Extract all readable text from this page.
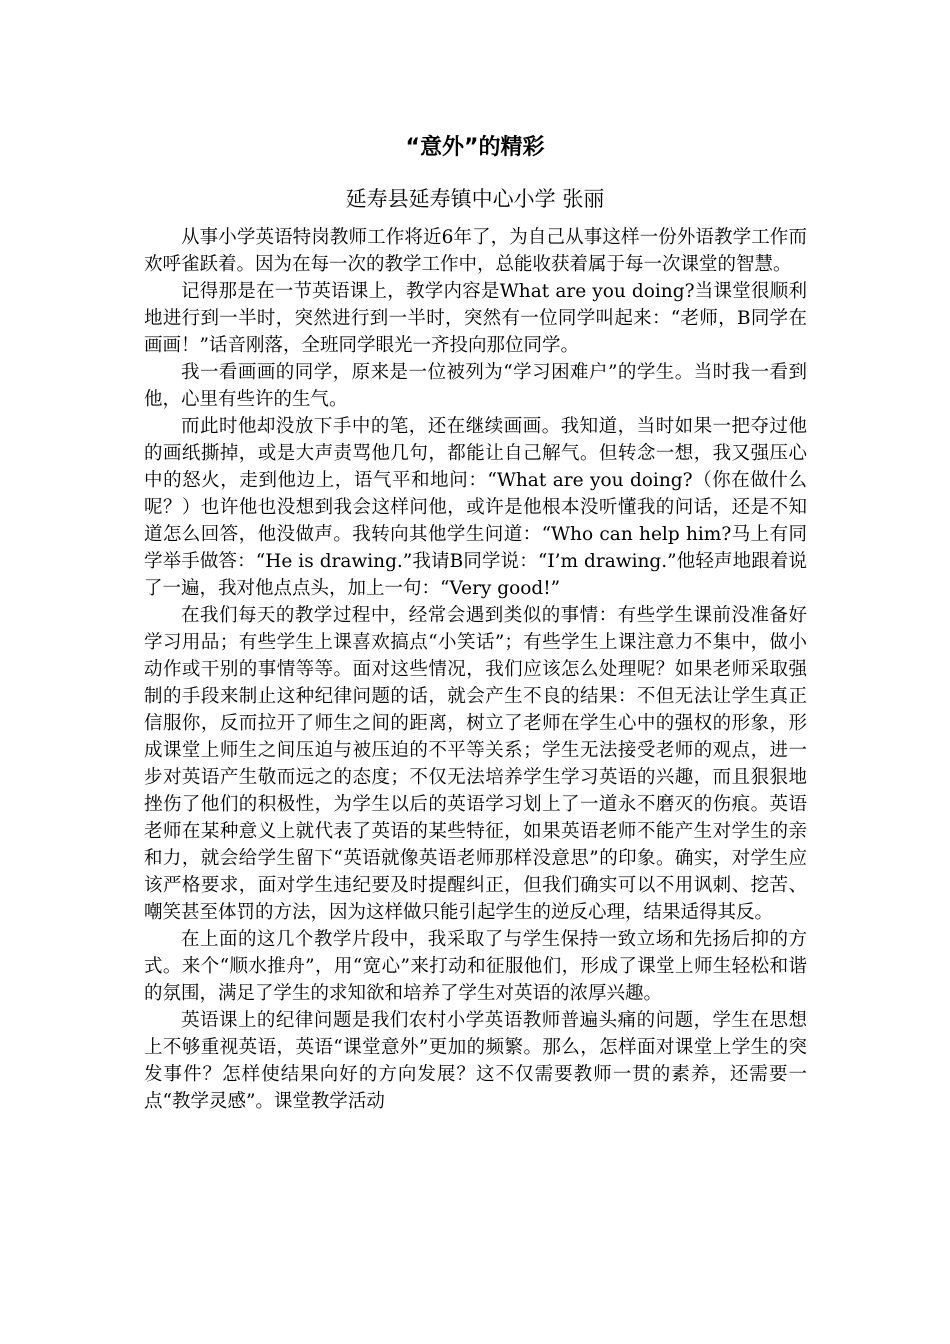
“意外”的精彩
延寿县延寿镇中心小学 张丽

从事小学英语特岗教师工作将近6年了，为自己从事这样一份外语教学工作而欢呼雀跃着。因为在每一次的教学工作中，总能收获着属于每一次课堂的智慧。

记得那是在一节英语课上，教学内容是What are you doing?当课堂很顺利地进行到一半时，突然进行到一半时，突然有一位同学叫起来：“老师，B同学在画画！”话音刚落，全班同学眼光一齐投向那位同学。

我一看画画的同学，原来是一位被列为“学习困难户”的学生。当时我一看到他，心里有些许的生气。

而此时他却没放下手中的笔，还在继续画画。我知道，当时如果一把夺过他的画纸撕掉，或是大声责骂他几句，都能让自己解气。但转念一想，我又强压心中的怒火，走到他边上，语气平和地问：“What are you doing?（你在做什么呢？）也许他也没想到我会这样问他，或许是他根本没听懂我的问话，还是不知道怎么回答，他没做声。我转向其他学生问道：“Who can help him?马上有同学举手做答：“He is drawing.”我请B同学说：“I’m drawing.”他轻声地跟着说了一遍，我对他点点头，加上一句：“Very good!”

在我们每天的教学过程中，经常会遇到类似的事情：有些学生课前没准备好学习用品；有些学生上课喜欢搞点“小笑话”；有些学生上课注意力不集中，做小动作或干别的事情等等。面对这些情况，我们应该怎么处理呢？如果老师采取强制的手段来制止这种纪律问题的话，就会产生不良的结果：不但无法让学生真正信服你，反而拉开了师生之间的距离，树立了老师在学生心中的强权的形象，形成课堂上师生之间压迫与被压迫的不平等关系；学生无法接受老师的观点，进一步对英语产生敬而远之的态度；不仅无法培养学生学习英语的兴趣，而且狠狠地挫伤了他们的积极性，为学生以后的英语学习划上了一道永不磨灭的伤痕。英语老师在某种意义上就代表了英语的某些特征，如果英语老师不能产生对学生的亲和力，就会给学生留下“英语就像英语老师那样没意思”的印象。确实，对学生应该严格要求，面对学生违纪要及时提醒纠正，但我们确实可以不用讽刺、挖苦、嘲笑甚至体罚的方法，因为这样做只能引起学生的逆反心理，结果适得其反。

在上面的这几个教学片段中，我采取了与学生保持一致立场和先扬后抑的方式。来个“顺水推舟”，用“宽心”来打动和征服他们，形成了课堂上师生轻松和谐的氛围，满足了学生的求知欲和培养了学生对英语的浓厚兴趣。

英语课上的纪律问题是我们农村小学英语教师普遍头痛的问题，学生在思想上不够重视英语，英语“课堂意外”更加的频繁。那么，怎样面对课堂上学生的突发事件？怎样使结果向好的方向发展？这不仅需要教师一贯的素养，还需要一点“教学灵感”。课堂教学活动
